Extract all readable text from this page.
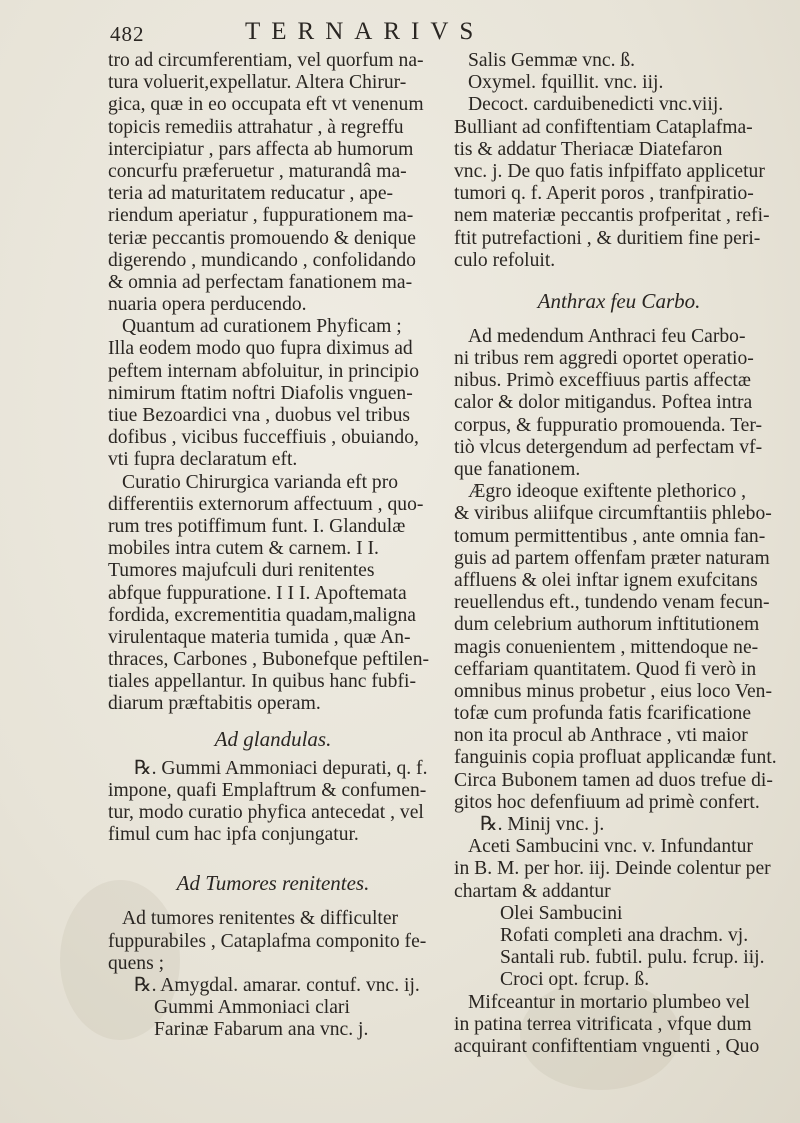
482	TERNARIVS
tro ad circumferentiam, vel quorfum na-
tura voluerit,expellatur. Altera Chirur-
gica, quæ in eo occupata eft vt venenum
topicis remediis attrahatur , à regreffu
intercipiatur , pars affecta ab humorum
concurfu præferuetur , maturandâ ma-
teria ad maturitatem reducatur , ape-
riendum aperiatur , fuppurationem ma-
teriæ peccantis promouendo & denique
digerendo , mundicando , confolidando
& omnia ad perfectam fanationem ma-
nuaria opera perducendo.
Quantum ad curationem Phyficam ;
Illa eodem modo quo fupra diximus ad
peftem internam abfoluitur, in principio
nimirum ftatim noftri Diafolis vnguen-
tiue Bezoardici vna , duobus vel tribus
dofibus , vicibus fucceffiuis , obuiando,
vti fupra declaratum eft.
Curatio Chirurgica varianda eft pro
differentiis externorum affectuum , quo-
rum tres potiffimum funt. I. Glandulæ
mobiles intra cutem & carnem. I I.
Tumores majufculi duri renitentes
abfque fuppuratione. I I I. Apoftemata
fordida, excrementitia quadam,maligna
virulentaque materia tumida , quæ An-
thraces, Carbones , Bubonefque peftilen-
tiales appellantur. In quibus hanc fubfi-
diarum præftabitis operam.
Ad glandulas.
℞. Gummi Ammoniaci depurati, q. f.
impone, quafi Emplaftrum & confumen-
tur, modo curatio phyfica antecedat , vel
fimul cum hac ipfa conjungatur.
Ad Tumores renitentes.
Ad tumores renitentes & difficulter
fuppurabiles , Cataplafma componito fe-
quens ;
℞. Amygdal. amarar. contuf. vnc. ij.
Gummi Ammoniaci clari
Farinæ Fabarum ana vnc. j.
Salis Gemmæ vnc. ß.
Oxymel. fquillit. vnc. iij.
Decoct. carduibenedicti vnc.viij.
Bulliant ad confiftentiam Cataplafma-
tis & addatur Theriacæ Diatefaron
vnc. j. De quo fatis infpiffato applicetur
tumori q. f. Aperit poros , tranfpiratio-
nem materiæ peccantis profperitat , refi-
ftit putrefactioni , & duritiem fine peri-
culo refoluit.
Anthrax feu Carbo.
Ad medendum Anthraci feu Carbo-
ni tribus rem aggredi oportet operatio-
nibus. Primò exceffiuus partis affectæ
calor & dolor mitigandus. Poftea intra
corpus, & fuppuratio promouenda. Ter-
tiò vlcus detergendum ad perfectam vf-
que fanationem.
Ægro ideoque exiftente plethorico ,
& viribus aliifque circumftantiis phlebo-
tomum permittentibus , ante omnia fan-
guis ad partem offenfam præter naturam
affluens & olei inftar ignem exufcitans
reuellendus eft., tundendo venam fecun-
dum celebrium authorum inftitutionem
magis conuenientem , mittendoque ne-
ceffariam quantitatem. Quod fi verò in
omnibus minus probetur , eius loco Ven-
tofæ cum profunda fatis fcarificatione
non ita procul ab Anthrace , vti maior
fanguinis copia profluat applicandæ funt.
Circa Bubonem tamen ad duos trefue di-
gitos hoc defenfiuum ad primè confert.
℞. Minij vnc. j.
Aceti Sambucini vnc. v. Infundantur
in B. M. per hor. iij. Deinde colentur per
chartam & addantur
Olei Sambucini
Rofati completi ana drachm. vj.
Santali rub. fubtil. pulu. fcrup. iij.
Croci opt. fcrup. ß.
Mifceantur in mortario plumbeo vel
in patina terrea vitrificata , vfque dum
acquirant confiftentiam vnguenti , Quo
